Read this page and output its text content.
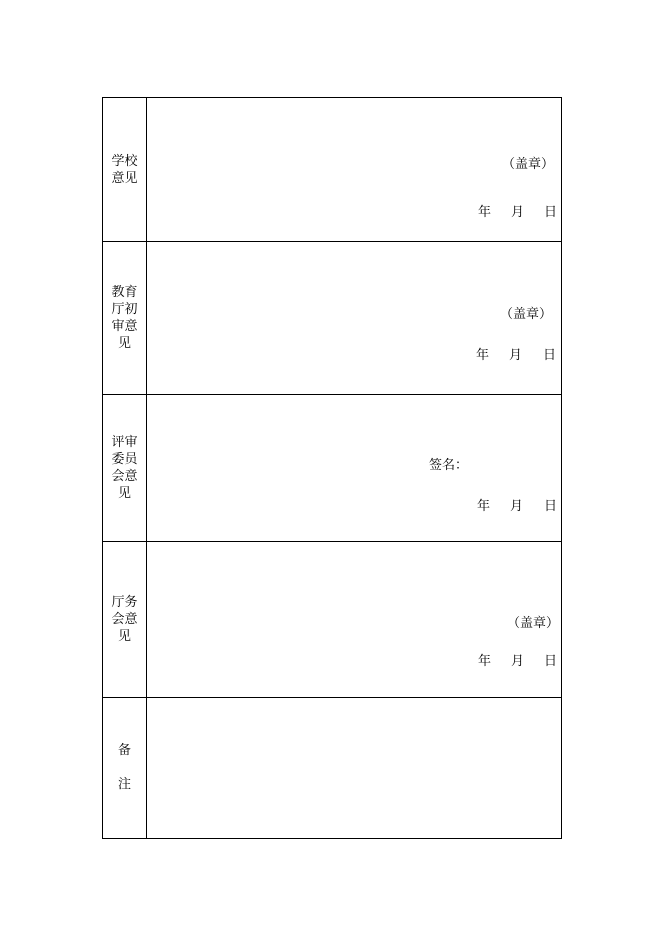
学校意见
（盖章）
年 月 日
教育厅初审意见
（盖章）
年 月 日
评审委员会意见
签名：
年 月 日
厅务会意见
（盖章）
年 月 日
备
注
